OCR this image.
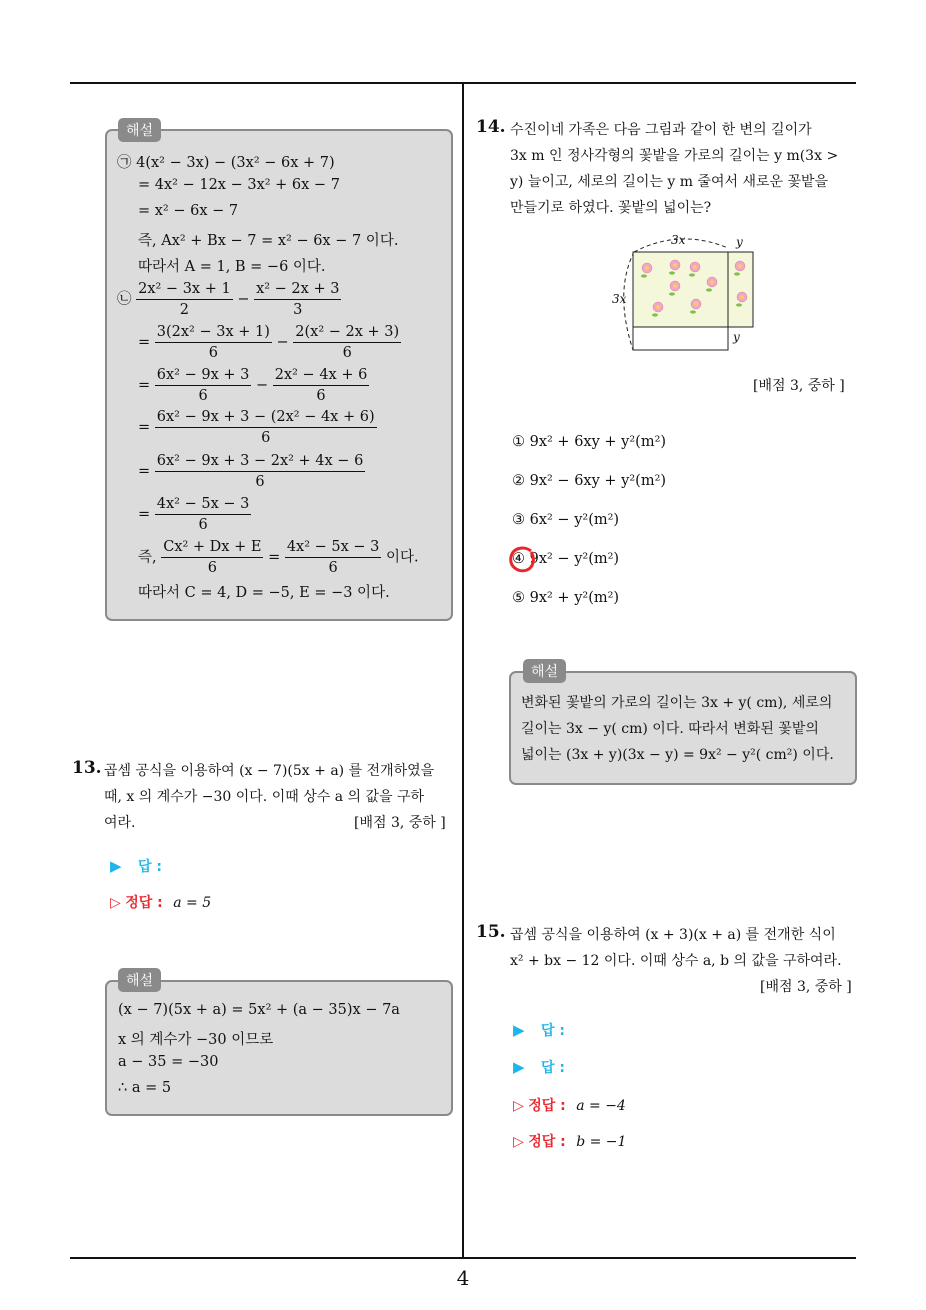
4
해설
㉠ 4(x² − 3x) − (3x² − 6x + 7)
= 4x² − 12x − 3x² + 6x − 7
= x² − 6x − 7
즉, Ax² + Bx − 7 = x² − 6x − 7 이다.
따라서 A = 1, B = −6 이다.
㉡ $\frac{\text{2x² − 3x + 1}}{2} - \frac{\text{x² − 2x + 3}}{3}$
= $\frac{\text{3(2x² − 3x + 1)}}{6} - \frac{\text{2(x² − 2x + 3)}}{6}$
= $\frac{\text{6x² − 9x + 3}}{6} - \frac{\text{2x² − 4x + 6}}{6}$
= $\frac{\text{6x² − 9x + 3 − (2x² − 4x + 6)}}{6}$
= $\frac{\text{6x² − 9x + 3 − 2x² + 4x − 6}}{6}$
= $\frac{\text{4x² − 5x − 3}}{6}$
즉, $\frac{\text{Cx² + Dx + E}}{6} = \frac{\text{4x² − 5x − 3}}{6}$ 이다.
따라서 C = 4, D = −5, E = −3 이다.
13. 곱셈 공식을 이용하여 (x − 7)(5x + a) 를 전개하였을
때, x 의 계수가 −30 이다. 이때 상수 a 의 값을 구하
여라.	[배점 3, 중하 ]
▶ 답 :
▷ 정답 : a = 5
해설
(x − 7)(5x + a) = 5x² + (a − 35)x − 7a
x 의 계수가 −30 이므로
a − 35 = −30
∴ a = 5
14. 수진이네 가족은 다음 그림과 같이 한 변의 길이가
3x m 인 정사각형의 꽃밭을 가로의 길이는 y m(3x >
y) 늘이고, 세로의 길이는 y m 줄여서 새로운 꽃밭을
만들기로 하였다. 꽃밭의 넓이는?
3x
3x
y
y
[배점 3, 중하 ]
① 9x² + 6xy + y²(m²)
② 9x² − 6xy + y²(m²)
③ 6x² − y²(m²)
④ 9x² − y²(m²)
⑤ 9x² + y²(m²)
해설
변화된 꽃밭의 가로의 길이는 3x + y( cm), 세로의
길이는 3x − y( cm) 이다. 따라서 변화된 꽃밭의
넓이는 (3x + y)(3x − y) = 9x² − y²( cm²) 이다.
15. 곱셈 공식을 이용하여 (x + 3)(x + a) 를 전개한 식이
x² + bx − 12 이다. 이때 상수 a, b 의 값을 구하여라.
[배점 3, 중하 ]
▶ 답 :
▶ 답 :
▷ 정답 : a = −4
▷ 정답 : b = −1
